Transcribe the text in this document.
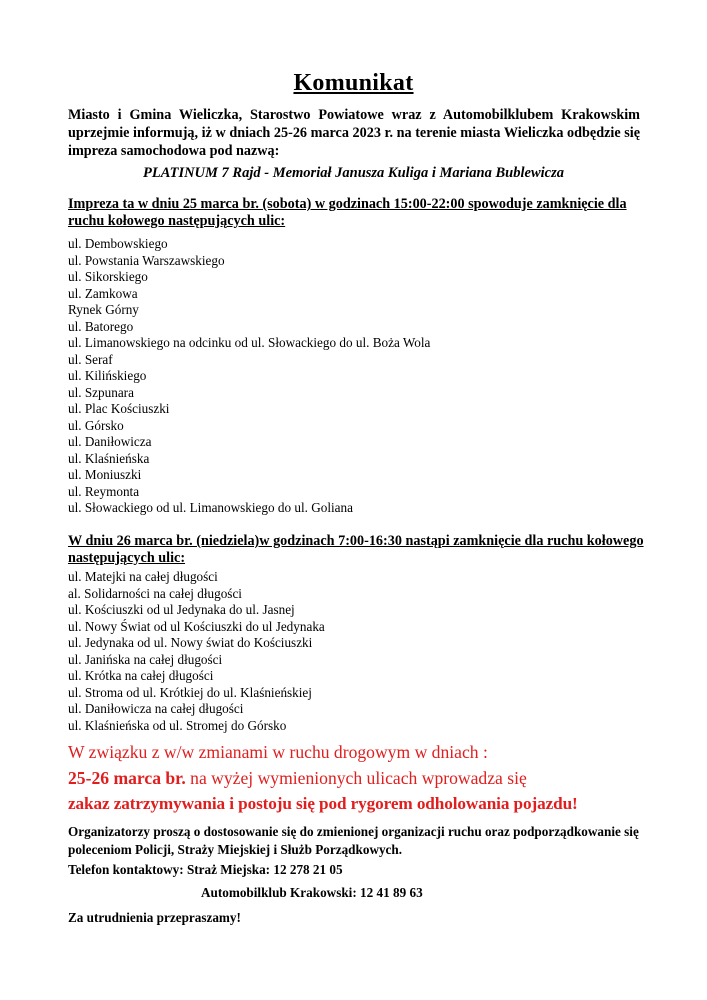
Komunikat
Miasto i Gmina Wieliczka, Starostwo Powiatowe wraz z Automobilklubem Krakowskim uprzejmie informują, iż w dniach 25-26 marca 2023 r. na terenie miasta Wieliczka odbędzie się impreza samochodowa pod nazwą:
PLATINUM 7 Rajd - Memoriał Janusza Kuliga i Mariana Bublewicza
Impreza ta w dniu 25 marca br. (sobota) w godzinach 15:00-22:00 spowoduje zamknięcie dla ruchu kołowego następujących ulic:
ul. Dembowskiego
ul. Powstania Warszawskiego
ul. Sikorskiego
ul. Zamkowa
Rynek Górny
ul. Batorego
ul. Limanowskiego na odcinku od ul. Słowackiego do ul. Boża Wola
ul. Seraf
ul. Kilińskiego
ul. Szpunara
ul. Plac Kościuszki
ul. Górsko
ul. Daniłowicza
ul. Klaśnieńska
ul. Moniuszki
ul. Reymonta
ul. Słowackiego od ul. Limanowskiego do ul. Goliana
W dniu 26 marca br. (niedziela)w godzinach 7:00-16:30 nastąpi zamknięcie dla ruchu kołowego następujących ulic:
ul. Matejki na całej długości
al. Solidarności na całej długości
ul. Kościuszki od ul Jedynaka do ul. Jasnej
ul. Nowy Świat od ul Kościuszki do ul Jedynaka
ul. Jedynaka od ul. Nowy świat do Kościuszki
ul. Janińska na całej długości
ul. Krótka na całej długości
ul. Stroma od ul. Krótkiej do ul. Klaśnieńskiej
ul. Daniłowicza na całej długości
ul. Klaśnieńska od ul. Stromej do Górsko
W związku z w/w zmianami w ruchu drogowym w dniach :
25-26 marca br. na wyżej wymienionych ulicach wprowadza się
zakaz zatrzymywania i postoju się pod rygorem odholowania pojazdu!
Organizatorzy proszą o dostosowanie się do zmienionej organizacji ruchu oraz podporządkowanie się poleceniom Policji, Straży Miejskiej i Służb Porządkowych.
Telefon kontaktowy: Straż Miejska: 12 278 21 05
Automobilklub Krakowski: 12 41 89 63
Za utrudnienia przepraszamy!
